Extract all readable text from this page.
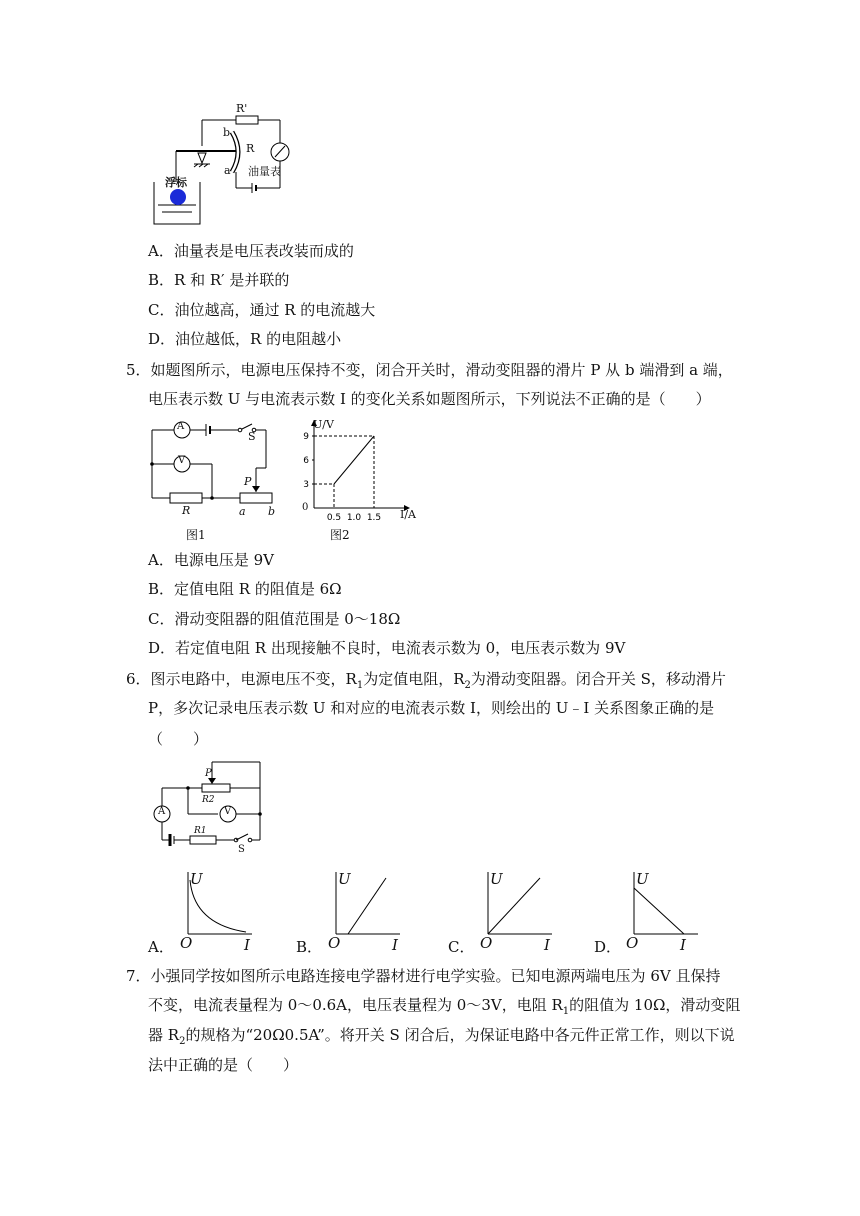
R'
b
a
R
浮标
油量表
A．油量表是电压表改装而成的
B．R 和 R′ 是并联的
C．油位越高，通过 R 的电流越大
D．油位越低，R 的电阻越小
5．如题图所示，电源电压保持不变，闭合开关时，滑动变阻器的滑片 P 从 b 端滑到 a 端，
电压表示数 U 与电流表示数 I 的变化关系如题图所示，下列说法不正确的是（　　）
A
V
S
R
P
a b
图1
3
6
9
0.5 1.0 1.5
U/V
I/A
0
图2
A．电源电压是 9V
B．定值电阻 R 的阻值是 6Ω
C．滑动变阻器的阻值范围是 0～18Ω
D．若定值电阻 R 出现接触不良时，电流表示数为 0，电压表示数为 9V
6．图示电路中，电源电压不变，$R_1$为定值电阻，$R_2$为滑动变阻器。闭合开关 S，移动滑片
P，多次记录电压表示数 U 和对应的电流表示数 I，则绘出的 U﹣I 关系图象正确的是
（　　）
A	V
P
R2
R1
S
A．
U
O	I	B．
U
O	I	C．
U
O	I	D．
U
O	I
7．小强同学按如图所示电路连接电学器材进行电学实验。已知电源两端电压为 6V 且保持
不变，电流表量程为 0～0.6A，电压表量程为 0～3V，电阻 $R_1$的阻值为 10Ω，滑动变阻
器 $R_2$的规格为“20Ω0.5A”。将开关 S 闭合后，为保证电路中各元件正常工作，则以下说
法中正确的是（　　）
